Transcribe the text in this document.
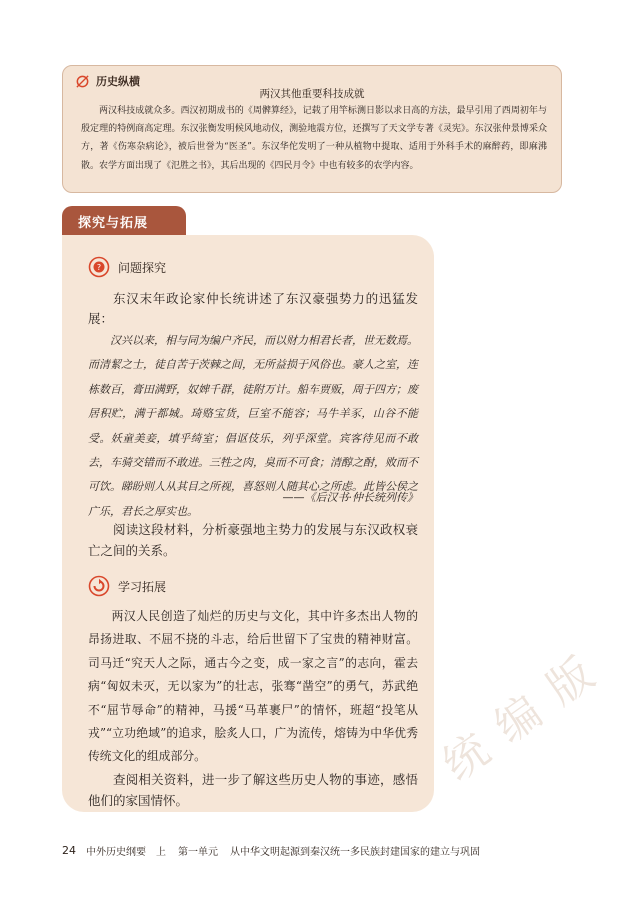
历史纵横
两汉其他重要科技成就
两汉科技成就众多。西汉初期成书的《周髀算经》，记载了用竿标测日影以求日高的方法，最早引用了西周初年与殷定理的特例商高定理。东汉张衡发明候风地动仪，测验地震方位，还撰写了天文学专著《灵宪》。东汉张仲景博采众方，著《伤寒杂病论》，被后世誉为“医圣”。东汉华佗发明了一种从植物中提取、适用于外科手术的麻醉药，即麻沸散。农学方面出现了《氾胜之书》，其后出现的《四民月令》中也有较多的农学内容。
探究与拓展
? 问题探究
东汉末年政论家仲长统讲述了东汉豪强势力的迅猛发展：
汉兴以来，相与同为编户齐民，而以财力相君长者，世无数焉。而清絜之士，徒自苦于茨棘之间，无所益损于风俗也。豪人之室，连栋数百，膏田满野，奴婢千群，徒附万计。船车贾贩，周于四方；废居积贮，满于都城。琦赂宝货，巨室不能容；马牛羊豕，山谷不能受。妖童美妾，填乎绮室；倡讴伎乐，列乎深堂。宾客待见而不敢去，车骑交错而不敢进。三牲之肉，臭而不可食；清醇之酎，败而不可饮。睇盼则人从其目之所视，喜怒则人随其心之所虑。此皆公侯之广乐，君长之厚实也。
——《后汉书·仲长统列传》
阅读这段材料，分析豪强地主势力的发展与东汉政权衰亡之间的关系。
学习拓展
两汉人民创造了灿烂的历史与文化，其中许多杰出人物的昂扬进取、不屈不挠的斗志，给后世留下了宝贵的精神财富。司马迁“究天人之际，通古今之变，成一家之言”的志向，霍去病“匈奴未灭，无以家为”的壮志，张骞“凿空”的勇气，苏武绝不“屈节辱命”的精神，马援“马革裹尸”的情怀，班超“投笔从戎”“立功绝域”的追求，脍炙人口，广为流传，熔铸为中华优秀传统文化的组成部分。
查阅相关资料，进一步了解这些历史人物的事迹，感悟他们的家国情怀。
统
编
版
24 中外历史纲要　上 第一单元 从中华文明起源到秦汉统一多民族封建国家的建立与巩固
